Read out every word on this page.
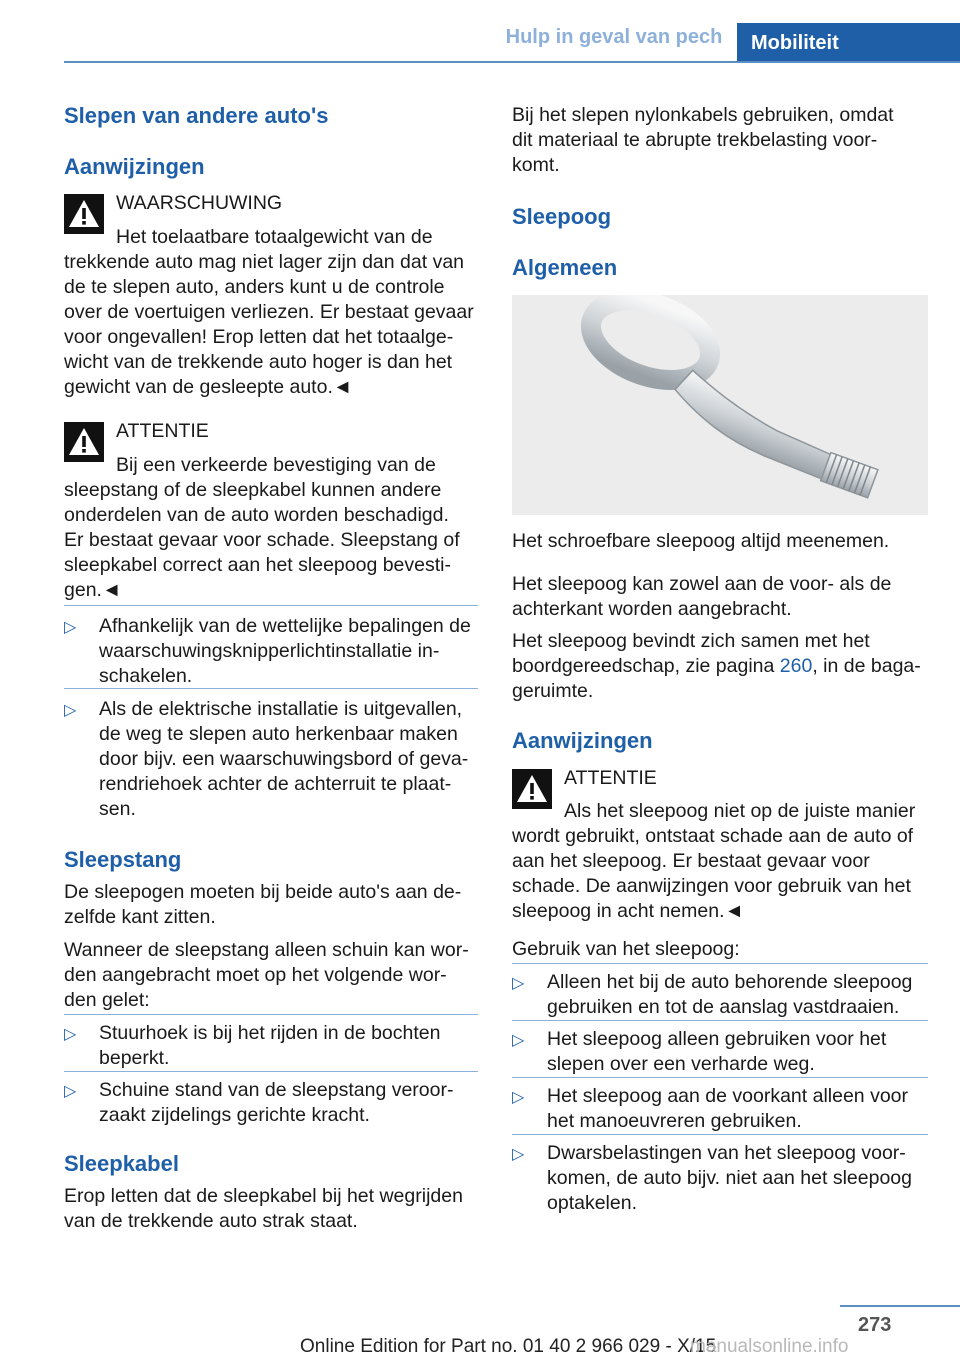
Hulp in geval van pech	Mobiliteit
Slepen van andere auto's
Aanwijzingen
WAARSCHUWING
Het toelaatbare totaalgewicht van de
trekkende auto mag niet lager zijn dan dat van
de te slepen auto, anders kunt u de controle
over de voertuigen verliezen. Er bestaat gevaar
voor ongevallen! Erop letten dat het totaalge-
wicht van de trekkende auto hoger is dan het
gewicht van de gesleepte auto.◄
ATTENTIE
Bij een verkeerde bevestiging van de
sleepstang of de sleepkabel kunnen andere
onderdelen van de auto worden beschadigd.
Er bestaat gevaar voor schade. Sleepstang of
sleepkabel correct aan het sleepoog bevesti-
gen.◄
▷ Afhankelijk van de wettelijke bepalingen de
waarschuwingsknipperlichtinstallatie in-
schakelen.
▷ Als de elektrische installatie is uitgevallen,
de weg te slepen auto herkenbaar maken
door bijv. een waarschuwingsbord of geva-
rendriehoek achter de achterruit te plaat-
sen.
Sleepstang
De sleepogen moeten bij beide auto's aan de-
zelfde kant zitten.
Wanneer de sleepstang alleen schuin kan wor-
den aangebracht moet op het volgende wor-
den gelet:
▷ Stuurhoek is bij het rijden in de bochten
beperkt.
▷ Schuine stand van de sleepstang veroor-
zaakt zijdelings gerichte kracht.
Sleepkabel
Erop letten dat de sleepkabel bij het wegrijden
van de trekkende auto strak staat.
Bij het slepen nylonkabels gebruiken, omdat
dit materiaal te abrupte trekbelasting voor-
komt.
Sleepoog
Algemeen
Het schroefbare sleepoog altijd meenemen.
Het sleepoog kan zowel aan de voor- als de
achterkant worden aangebracht.
Het sleepoog bevindt zich samen met het
boordgereedschap, zie pagina 260, in de baga-
geruimte.
Aanwijzingen
ATTENTIE
Als het sleepoog niet op de juiste manier
wordt gebruikt, ontstaat schade aan de auto of
aan het sleepoog. Er bestaat gevaar voor
schade. De aanwijzingen voor gebruik van het
sleepoog in acht nemen.◄
Gebruik van het sleepoog:
▷ Alleen het bij de auto behorende sleepoog
gebruiken en tot de aanslag vastdraaien.
▷ Het sleepoog alleen gebruiken voor het
slepen over een verharde weg.
▷ Het sleepoog aan de voorkant alleen voor
het manoeuvreren gebruiken.
▷ Dwarsbelastingen van het sleepoog voor-
komen, de auto bijv. niet aan het sleepoog
optakelen.
273
Online Edition for Part no. 01 40 2 966 029 - X/15
manualsonline.info
